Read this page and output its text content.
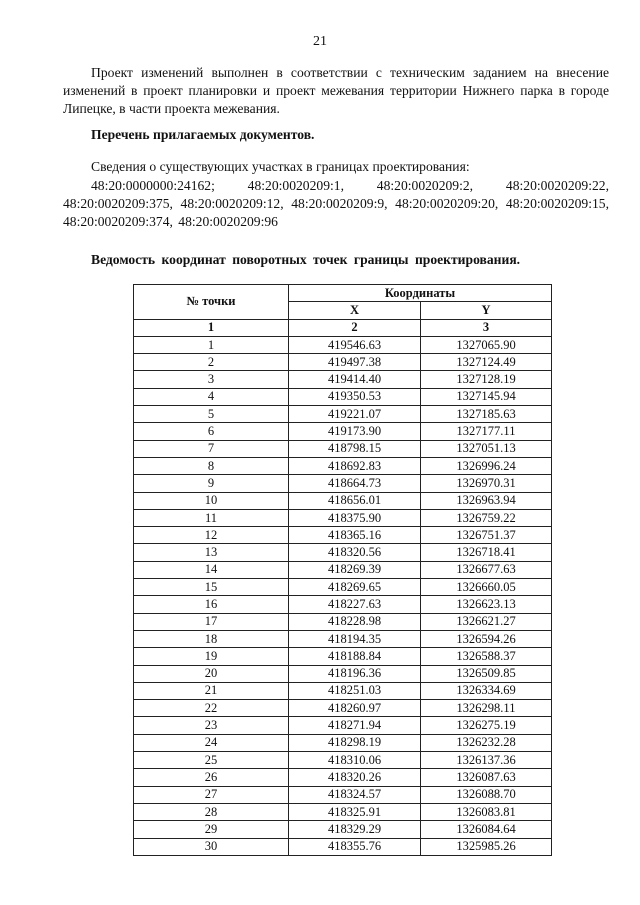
21

Проект изменений выполнен в соответствии с техническим заданием на внесение изменений в проект планировки и проект межевания территории Нижнего парка в городе Липецке, в части проекта межевания.

Перечень прилагаемых документов.

Сведения о существующих участках в границах проектирования:

48:20:0000000:24162; 48:20:0020209:1, 48:20:0020209:2, 48:20:0020209:22, 48:20:0020209:375, 48:20:0020209:12, 48:20:0020209:9, 48:20:0020209:20, 48:20:0020209:15, 48:20:0020209:374, 48:20:0020209:96

Ведомость координат поворотных точек границы проектирования.

№ точки	Координаты	
	X	Y
1	2	3
1	419546.63	1327065.90
2	419497.38	1327124.49
3	419414.40	1327128.19
4	419350.53	1327145.94
5	419221.07	1327185.63
6	419173.90	1327177.11
7	418798.15	1327051.13
8	418692.83	1326996.24
9	418664.73	1326970.31
10	418656.01	1326963.94
11	418375.90	1326759.22
12	418365.16	1326751.37
13	418320.56	1326718.41
14	418269.39	1326677.63
15	418269.65	1326660.05
16	418227.63	1326623.13
17	418228.98	1326621.27
18	418194.35	1326594.26
19	418188.84	1326588.37
20	418196.36	1326509.85
21	418251.03	1326334.69
22	418260.97	1326298.11
23	418271.94	1326275.19
24	418298.19	1326232.28
25	418310.06	1326137.36
26	418320.26	1326087.63
27	418324.57	1326088.70
28	418325.91	1326083.81
29	418329.29	1326084.64
30	418355.76	1325985.26
